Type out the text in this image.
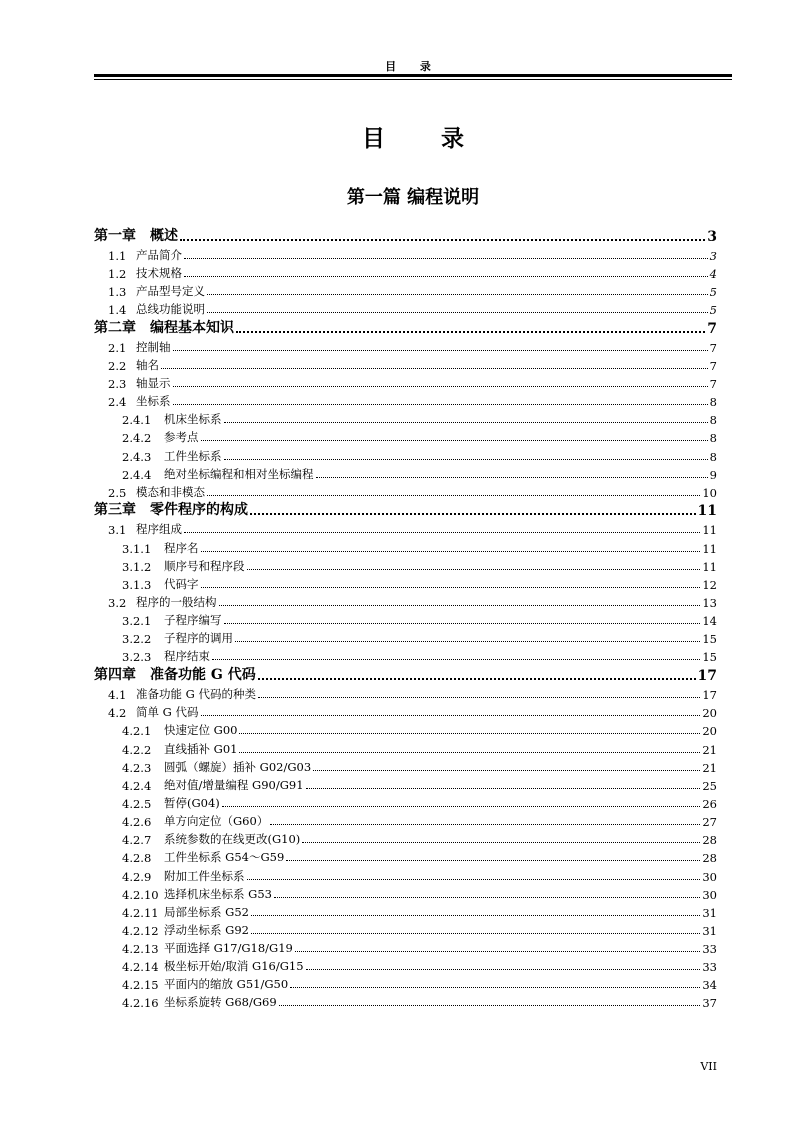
目 录
目 录
第一篇 编程说明
第一章 概述	3
1.1 产品简介	3
1.2 技术规格	4
1.3 产品型号定义	5
1.4 总线功能说明	5
第二章 编程基本知识	7
2.1 控制轴	7
2.2 轴名	7
2.3 轴显示	7
2.4 坐标系	8
2.4.1	机床坐标系	8
2.4.2	参考点	8
2.4.3	工件坐标系	8
2.4.4	绝对坐标编程和相对坐标编程	9
2.5 模态和非模态	10
第三章 零件程序的构成	11
3.1 程序组成	11
3.1.1	程序名	11
3.1.2	顺序号和程序段	11
3.1.3	代码字	12
3.2 程序的一般结构	13
3.2.1	子程序编写	14
3.2.2	子程序的调用	15
3.2.3	程序结束	15
第四章 准备功能 G 代码	17
4.1 准备功能 G 代码的种类	17
4.2 简单 G 代码	20
4.2.1	快速定位 G00	20
4.2.2	直线插补 G01	21
4.2.3	圆弧（螺旋）插补 G02/G03	21
4.2.4	绝对值/增量编程 G90/G91	25
4.2.5	暂停(G04)	26
4.2.6	单方向定位（G60）	27
4.2.7	系统参数的在线更改(G10)	28
4.2.8	工件坐标系 G54～G59	28
4.2.9	附加工件坐标系	30
4.2.10 选择机床坐标系 G53	30
4.2.11 局部坐标系 G52	31
4.2.12 浮动坐标系 G92	31
4.2.13 平面选择 G17/G18/G19	33
4.2.14 极坐标开始/取消 G16/G15	33
4.2.15 平面内的缩放 G51/G50	34
4.2.16 坐标系旋转 G68/G69	37
VII
